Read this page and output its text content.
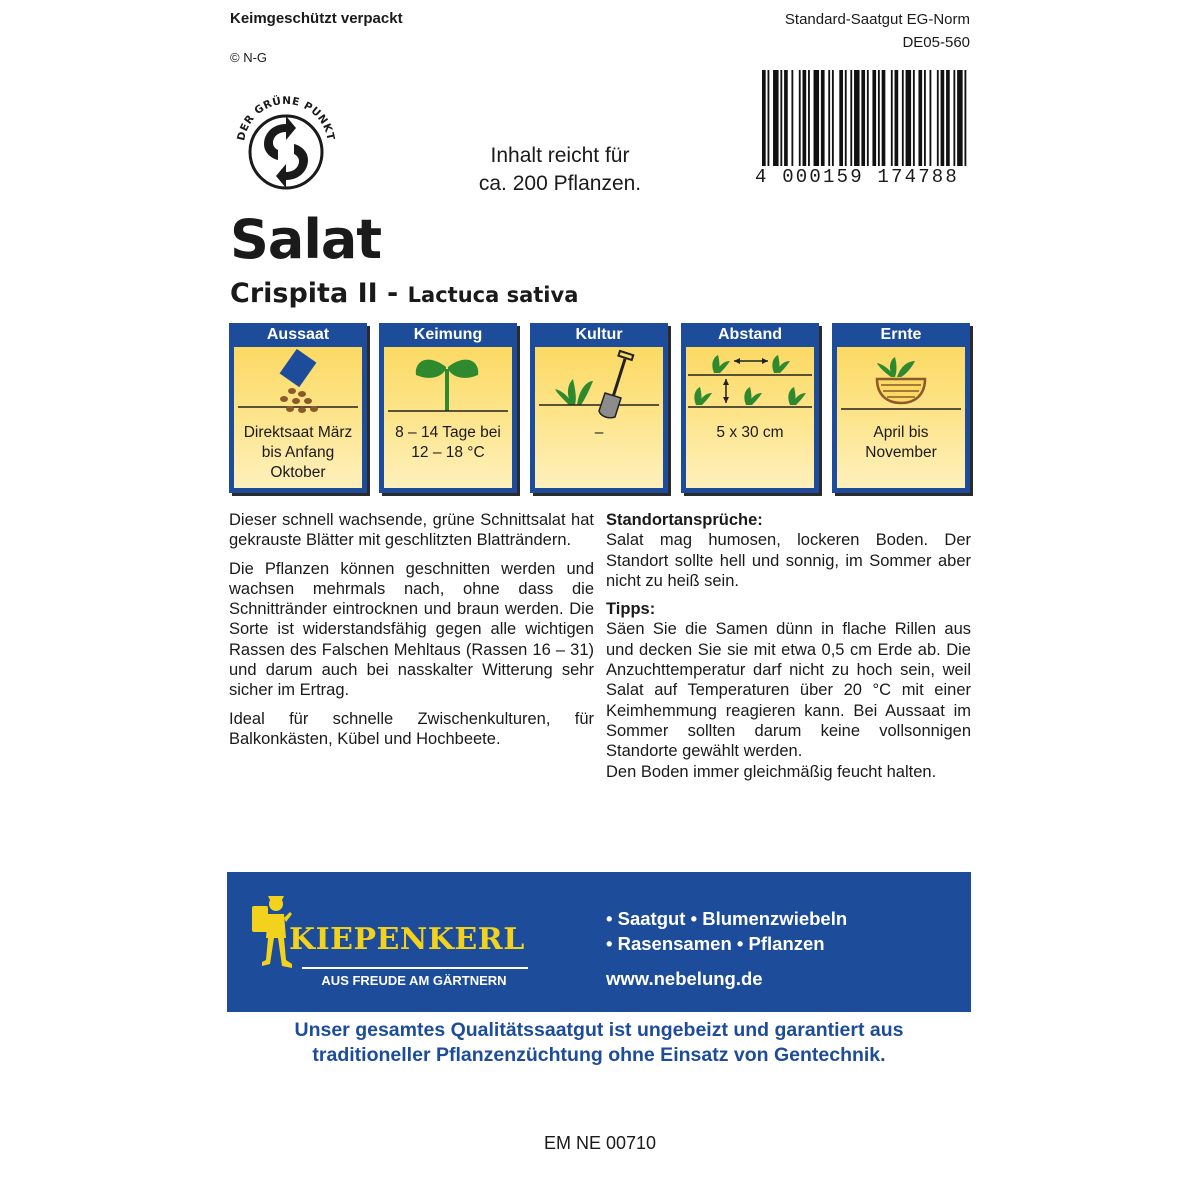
Keimgeschützt verpackt
© N-G
Standard-Saatgut EG-Norm
DE05-560
DER GRÜNE PUNKT
4 000159 174788
Inhalt reicht für
ca. 200 Pflanzen.
Salat
Crispita II - Lactuca sativa
Aussaat
Direktsaat März bis Anfang Oktober
Keimung
8 – 14 Tage bei 12 – 18 °C
Kultur
–
Abstand
5 x 30 cm
Ernte
April bis November

Dieser schnell wachsende, grüne Schnittsalat hat gekrauste Blätter mit geschlitzten Blatträndern.

Die Pflanzen können geschnitten werden und wachsen mehrmals nach, ohne dass die Schnittränder eintrocknen und braun werden. Die Sorte ist widerstandsfähig gegen alle wichtigen Rassen des Falschen Mehltaus (Rassen 16 – 31) und darum auch bei nasskalter Witterung sehr sicher im Ertrag.

Ideal für schnelle Zwischenkulturen, für Balkonkästen, Kübel und Hochbeete.

Standortansprüche:

Salat mag humosen, lockeren Boden. Der Standort sollte hell und sonnig, im Sommer aber nicht zu heiß sein.

Tipps:
Säen Sie die Samen dünn in flache Rillen aus und decken Sie sie mit etwa 0,5 cm Erde ab. Die Anzuchttemperatur darf nicht zu hoch sein, weil Salat auf Temperaturen über 20 °C mit einer Keimhemmung reagieren kann. Bei Aussaat im Sommer sollten darum keine vollsonnigen Standorte gewählt werden.
Den Boden immer gleichmäßig feucht halten.
KIEPENKERL
AUS FREUDE AM GÄRTNERN
• Saatgut • Blumenzwiebeln
• Rasensamen • Pflanzen
www.nebelung.de
Unser gesamtes Qualitätssaatgut ist ungebeizt und garantiert aus
traditioneller Pflanzenzüchtung ohne Einsatz von Gentechnik.
EM NE 00710
